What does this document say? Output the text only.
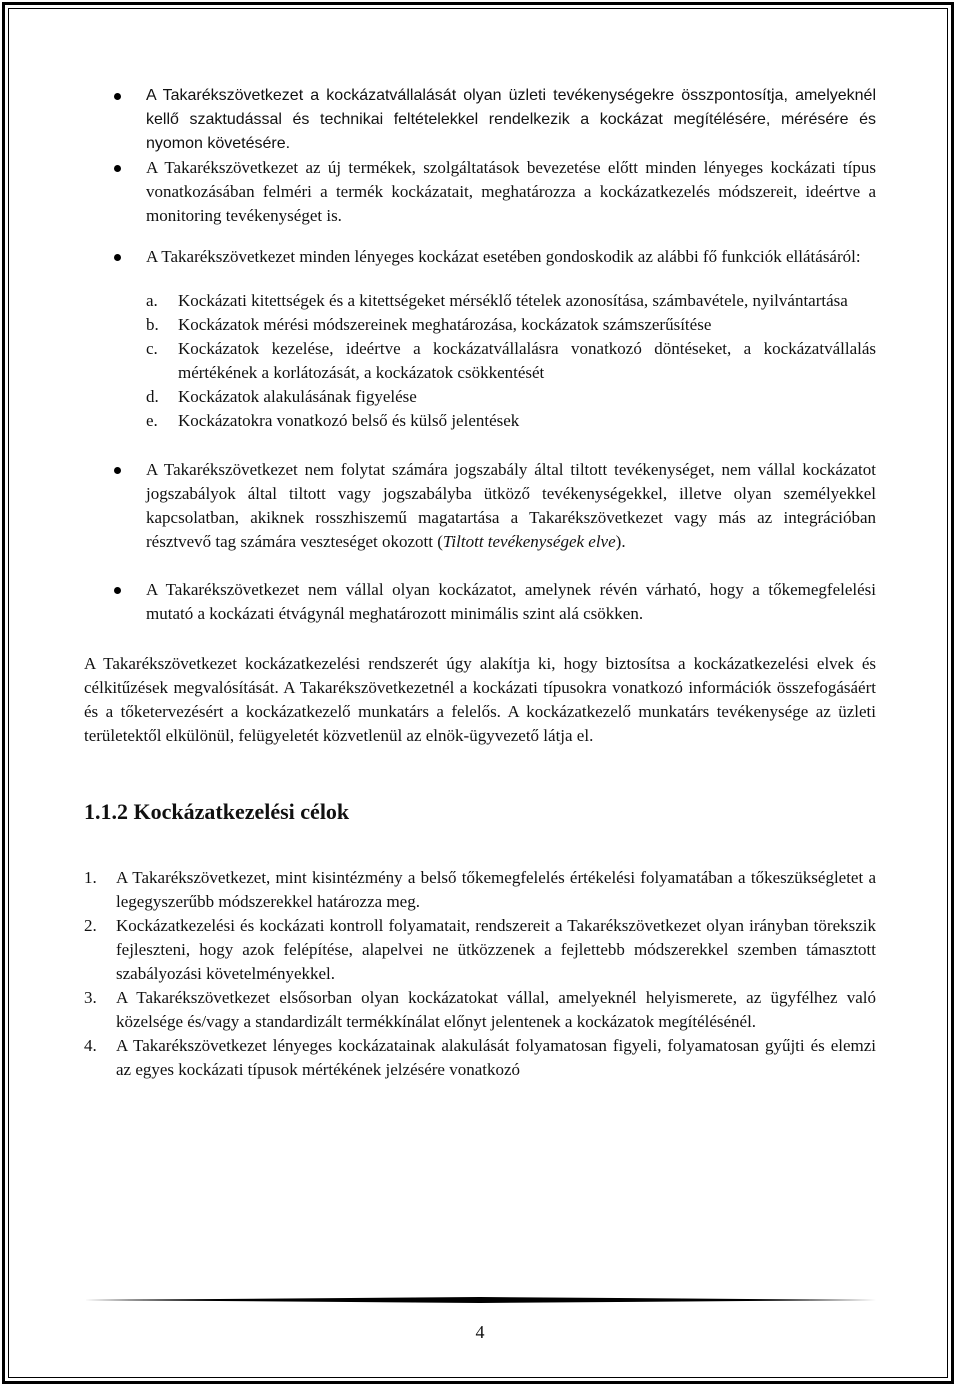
A Takarékszövetkezet a kockázatvállalását olyan üzleti tevékenységekre összpontosítja, amelyeknél kellő szaktudással és technikai feltételekkel rendelkezik a kockázat megítélésére, mérésére és nyomon követésére.
A Takarékszövetkezet az új termékek, szolgáltatások bevezetése előtt minden lényeges kockázati típus vonatkozásában felméri a termék kockázatait, meghatározza a kockázatkezelés módszereit, ideértve a monitoring tevékenységet is.
A Takarékszövetkezet minden lényeges kockázat esetében gondoskodik az alábbi fő funkciók ellátásáról:
a. Kockázati kitettségek és a kitettségeket mérséklő tételek azonosítása, számbavétele, nyilvántartása
b. Kockázatok mérési módszereinek meghatározása, kockázatok számszerűsítése
c. Kockázatok kezelése, ideértve a kockázatvállalásra vonatkozó döntéseket, a kockázatvállalás mértékének a korlátozását, a kockázatok csökkentését
d. Kockázatok alakulásának figyelése
e. Kockázatokra vonatkozó belső és külső jelentések
A Takarékszövetkezet nem folytat számára jogszabály által tiltott tevékenységet, nem vállal kockázatot jogszabályok által tiltott vagy jogszabályba ütköző tevékenységekkel, illetve olyan személyekkel kapcsolatban, akiknek rosszhiszemű magatartása a Takarékszövetkezet vagy más az integrációban résztvevő tag számára veszteséget okozott (Tiltott tevékenységek elve).
A Takarékszövetkezet nem vállal olyan kockázatot, amelynek révén várható, hogy a tőkemegfelelési mutató a kockázati étvágynál meghatározott minimális szint alá csökken.

A Takarékszövetkezet kockázatkezelési rendszerét úgy alakítja ki, hogy biztosítsa a kockázatkezelési elvek és célkitűzések megvalósítását. A Takarékszövetkezetnél a kockázati típusokra vonatkozó információk összefogásáért és a tőketervezésért a kockázatkezelő munkatárs a felelős. A kockázatkezelő munkatárs tevékenysége az üzleti területektől elkülönül, felügyeletét közvetlenül az elnök-ügyvezető látja el.

1.1.2 Kockázatkezelési célok
1. A Takarékszövetkezet, mint kisintézmény a belső tőkemegfelelés értékelési folyamatában a tőkeszükségletet a legegyszerűbb módszerekkel határozza meg.
2. Kockázatkezelési és kockázati kontroll folyamatait, rendszereit a Takarékszövetkezet olyan irányban törekszik fejleszteni, hogy azok felépítése, alapelvei ne ütközzenek a fejlettebb módszerekkel szemben támasztott szabályozási követelményekkel.
3. A Takarékszövetkezet elsősorban olyan kockázatokat vállal, amelyeknél helyismerete, az ügyfélhez való közelsége és/vagy a standardizált termékkínálat előnyt jelentenek a kockázatok megítélésénél.
4. A Takarékszövetkezet lényeges kockázatainak alakulását folyamatosan figyeli, folyamatosan gyűjti és elemzi az egyes kockázati típusok mértékének jelzésére vonatkozó
4
